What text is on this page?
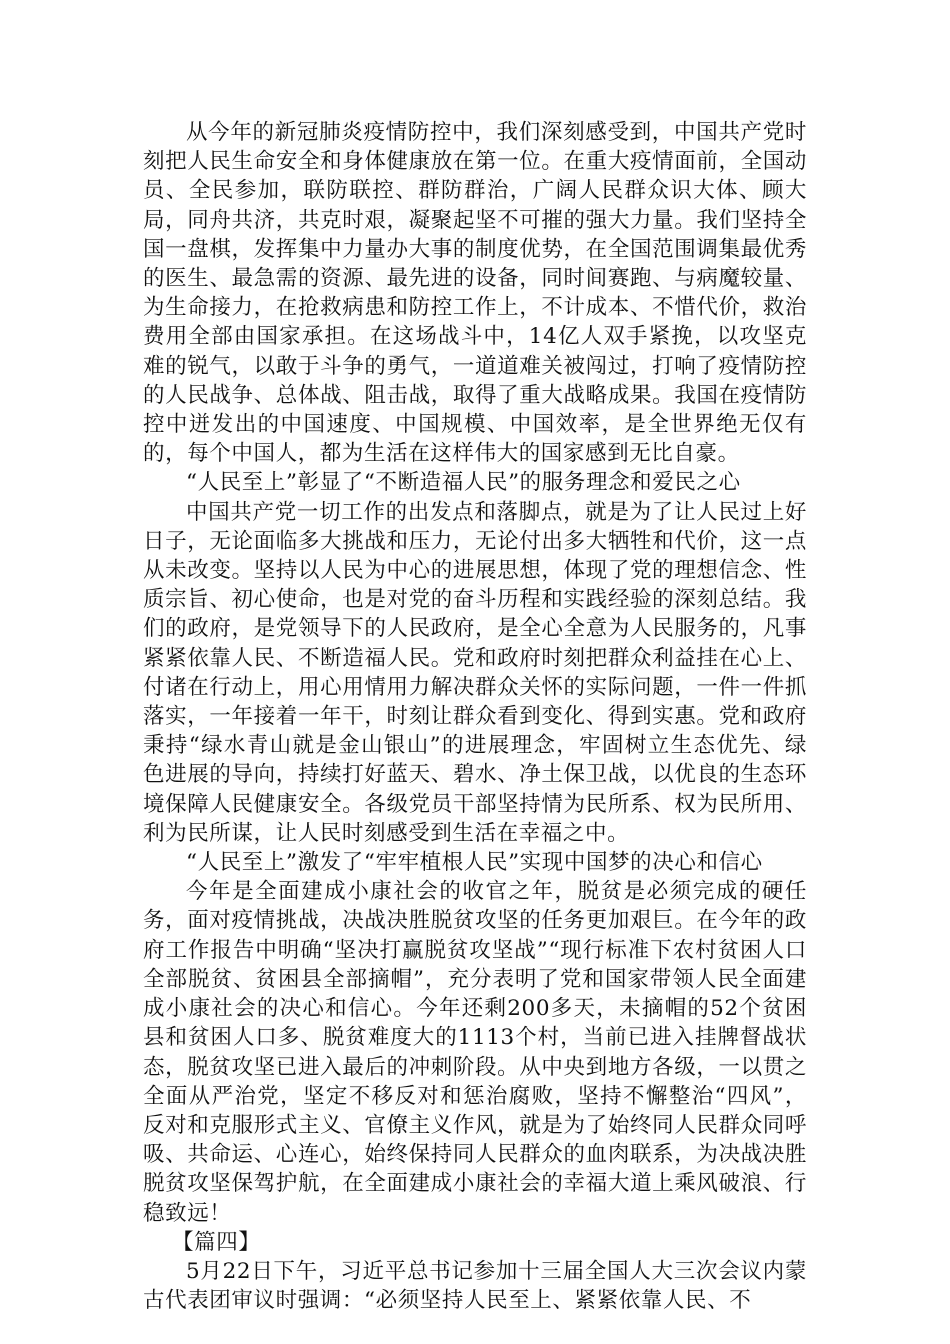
从今年的新冠肺炎疫情防控中，我们深刻感受到，中国共产党时刻把人民生命安全和身体健康放在第一位。在重大疫情面前，全国动员、全民参加，联防联控、群防群治，广阔人民群众识大体、顾大局，同舟共济，共克时艰，凝聚起坚不可摧的强大力量。我们坚持全国一盘棋，发挥集中力量办大事的制度优势，在全国范围调集最优秀的医生、最急需的资源、最先进的设备，同时间赛跑、与病魔较量、为生命接力，在抢救病患和防控工作上，不计成本、不惜代价，救治费用全部由国家承担。在这场战斗中，14亿人双手紧挽，以攻坚克难的锐气，以敢于斗争的勇气，一道道难关被闯过，打响了疫情防控的人民战争、总体战、阻击战，取得了重大战略成果。我国在疫情防控中迸发出的中国速度、中国规模、中国效率，是全世界绝无仅有的，每个中国人，都为生活在这样伟大的国家感到无比自豪。

“人民至上”彰显了“不断造福人民”的服务理念和爱民之心

中国共产党一切工作的出发点和落脚点，就是为了让人民过上好日子，无论面临多大挑战和压力，无论付出多大牺牲和代价，这一点从未改变。坚持以人民为中心的进展思想，体现了党的理想信念、性质宗旨、初心使命，也是对党的奋斗历程和实践经验的深刻总结。我们的政府，是党领导下的人民政府，是全心全意为人民服务的，凡事紧紧依靠人民、不断造福人民。党和政府时刻把群众利益挂在心上、付诸在行动上，用心用情用力解决群众关怀的实际问题，一件一件抓落实，一年接着一年干，时刻让群众看到变化、得到实惠。党和政府秉持“绿水青山就是金山银山”的进展理念，牢固树立生态优先、绿色进展的导向，持续打好蓝天、碧水、净土保卫战，以优良的生态环境保障人民健康安全。各级党员干部坚持情为民所系、权为民所用、利为民所谋，让人民时刻感受到生活在幸福之中。

“人民至上”激发了“牢牢植根人民”实现中国梦的决心和信心

今年是全面建成小康社会的收官之年，脱贫是必须完成的硬任务，面对疫情挑战，决战决胜脱贫攻坚的任务更加艰巨。在今年的政府工作报告中明确“坚决打赢脱贫攻坚战”“现行标准下农村贫困人口全部脱贫、贫困县全部摘帽”，充分表明了党和国家带领人民全面建成小康社会的决心和信心。今年还剩200多天，未摘帽的52个贫困县和贫困人口多、脱贫难度大的1113个村，当前已进入挂牌督战状态，脱贫攻坚已进入最后的冲刺阶段。从中央到地方各级，一以贯之全面从严治党，坚定不移反对和惩治腐败，坚持不懈整治“四风”，反对和克服形式主义、官僚主义作风，就是为了始终同人民群众同呼吸、共命运、心连心，始终保持同人民群众的血肉联系，为决战决胜脱贫攻坚保驾护航，在全面建成小康社会的幸福大道上乘风破浪、行稳致远！

【篇四】

5月22日下午，习近平总书记参加十三届全国人大三次会议内蒙古代表团审议时强调：“必须坚持人民至上、紧紧依靠人民、不
